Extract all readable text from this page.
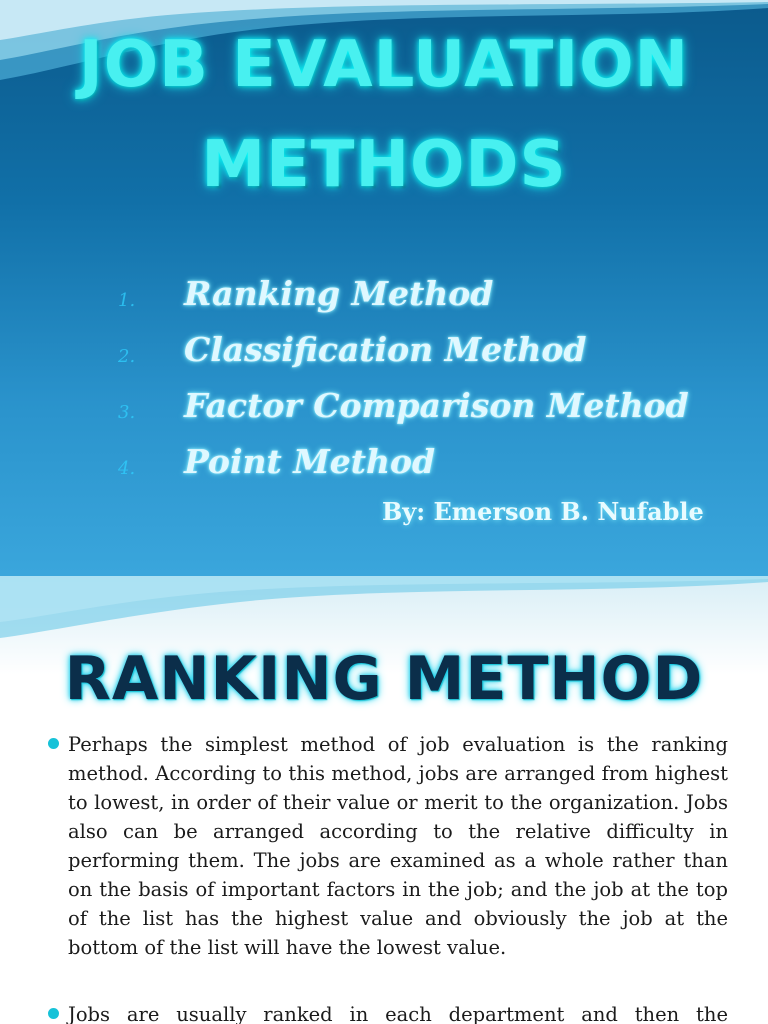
JOB EVALUATION
METHODS
1. Ranking Method
2. Classification Method
3. Factor Comparison Method
4. Point Method
By: Emerson B. Nufable
RANKING METHOD
Perhaps the simplest method of job evaluation is the ranking method. According to this method, jobs are arranged from highest to lowest, in order of their value or merit to the organization. Jobs also can be arranged according to the relative difficulty in performing them. The jobs are examined as a whole rather than on the basis of important factors in the job; and the job at the top of the list has the highest value and obviously the job at the bottom of the list will have the lowest value.
Jobs are usually ranked in each department and then the
